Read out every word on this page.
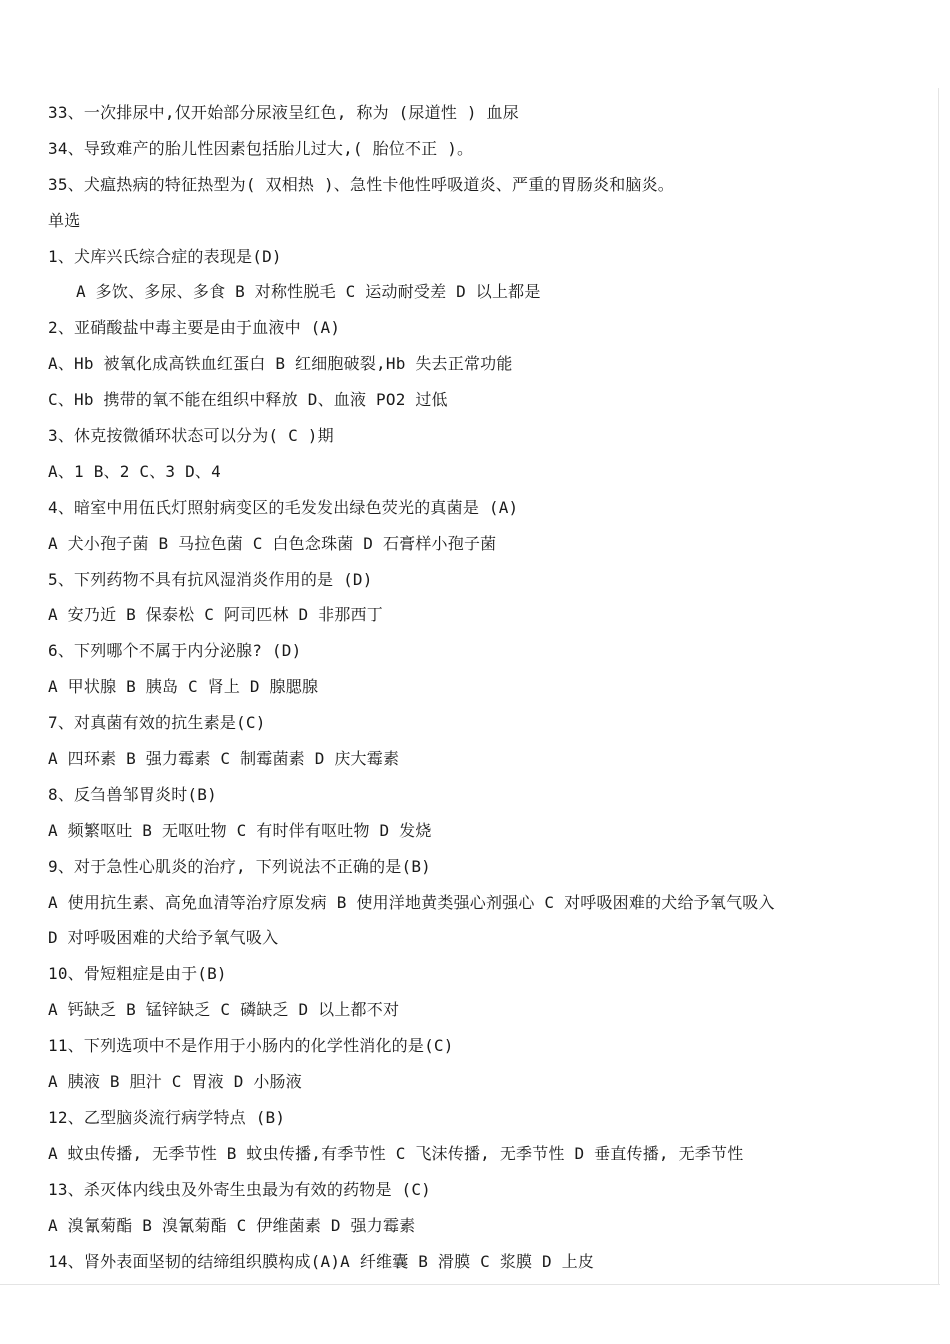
33、一次排尿中,仅开始部分尿液呈红色, 称为 (尿道性 ) 血尿
34、导致难产的胎儿性因素包括胎儿过大,( 胎位不正 )。
35、犬瘟热病的特征热型为( 双相热 )、急性卡他性呼吸道炎、严重的胃肠炎和脑炎。
单选
1、犬库兴氏综合症的表现是(D)
A 多饮、多尿、多食 B 对称性脱毛 C 运动耐受差 D 以上都是
2、亚硝酸盐中毒主要是由于血液中 (A)
A、Hb 被氧化成高铁血红蛋白 B 红细胞破裂,Hb 失去正常功能
C、Hb 携带的氧不能在组织中释放 D、血液 PO2 过低
3、休克按微循环状态可以分为( C )期
A、1 B、2 C、3 D、4
4、暗室中用伍氏灯照射病变区的毛发发出绿色荧光的真菌是 (A)
A 犬小孢子菌 B 马拉色菌 C 白色念珠菌 D 石膏样小孢子菌
5、下列药物不具有抗风湿消炎作用的是 (D)
A 安乃近 B 保泰松 C 阿司匹林 D 非那西丁
6、下列哪个不属于内分泌腺? (D)
A 甲状腺 B 胰岛 C 肾上 D 腺腮腺
7、对真菌有效的抗生素是(C)
A 四环素 B 强力霉素 C 制霉菌素 D 庆大霉素
8、反刍兽邹胃炎时(B)
A 频繁呕吐 B 无呕吐物 C 有时伴有呕吐物 D 发烧
9、对于急性心肌炎的治疗, 下列说法不正确的是(B)
A 使用抗生素、高免血清等治疗原发病 B 使用洋地黄类强心剂强心 C 对呼吸困难的犬给予氧气吸入
D 对呼吸困难的犬给予氧气吸入
10、骨短粗症是由于(B)
A 钙缺乏 B 锰锌缺乏 C 磷缺乏 D 以上都不对
11、下列选项中不是作用于小肠内的化学性消化的是(C)
A 胰液 B 胆汁 C 胃液 D 小肠液
12、乙型脑炎流行病学特点 (B)
A 蚊虫传播, 无季节性 B 蚊虫传播,有季节性 C 飞沫传播, 无季节性 D 垂直传播, 无季节性
13、杀灭体内线虫及外寄生虫最为有效的药物是 (C)
A 溴氰菊酯 B 溴氰菊酯 C 伊维菌素 D 强力霉素
14、肾外表面坚韧的结缔组织膜构成(A)A 纤维囊 B 滑膜 C 浆膜 D 上皮
